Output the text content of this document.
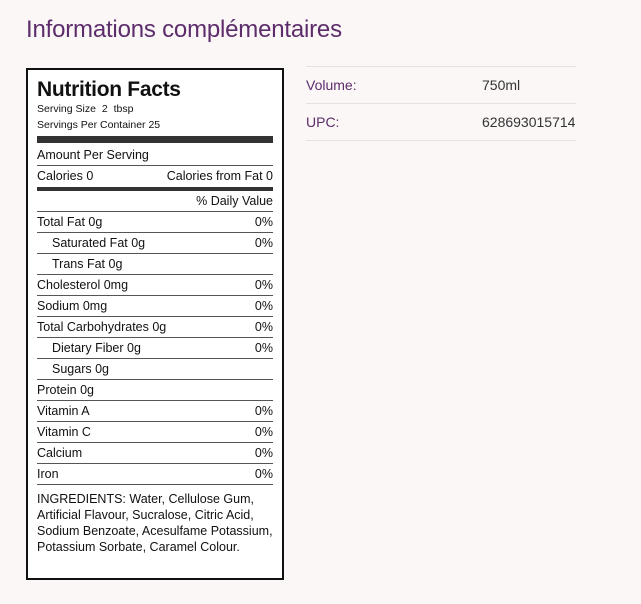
Informations complémentaires
Nutrition Facts
Serving Size 2 tbsp
Servings Per Container 25
Amount Per Serving
Calories 0	Calories from Fat 0
% Daily Value
Total Fat 0g	0%
Saturated Fat 0g	0%
Trans Fat 0g
Cholesterol 0mg	0%
Sodium 0mg	0%
Total Carbohydrates 0g	0%
Dietary Fiber 0g	0%
Sugars 0g
Protein 0g
Vitamin A	0%
Vitamin C	0%
Calcium	0%
Iron	0%
INGREDIENTS: Water, Cellulose Gum, Artificial Flavour, Sucralose, Citric Acid, Sodium Benzoate, Acesulfame Potassium, Potassium Sorbate, Caramel Colour.
Volume:	750ml
UPC:	628693015714
